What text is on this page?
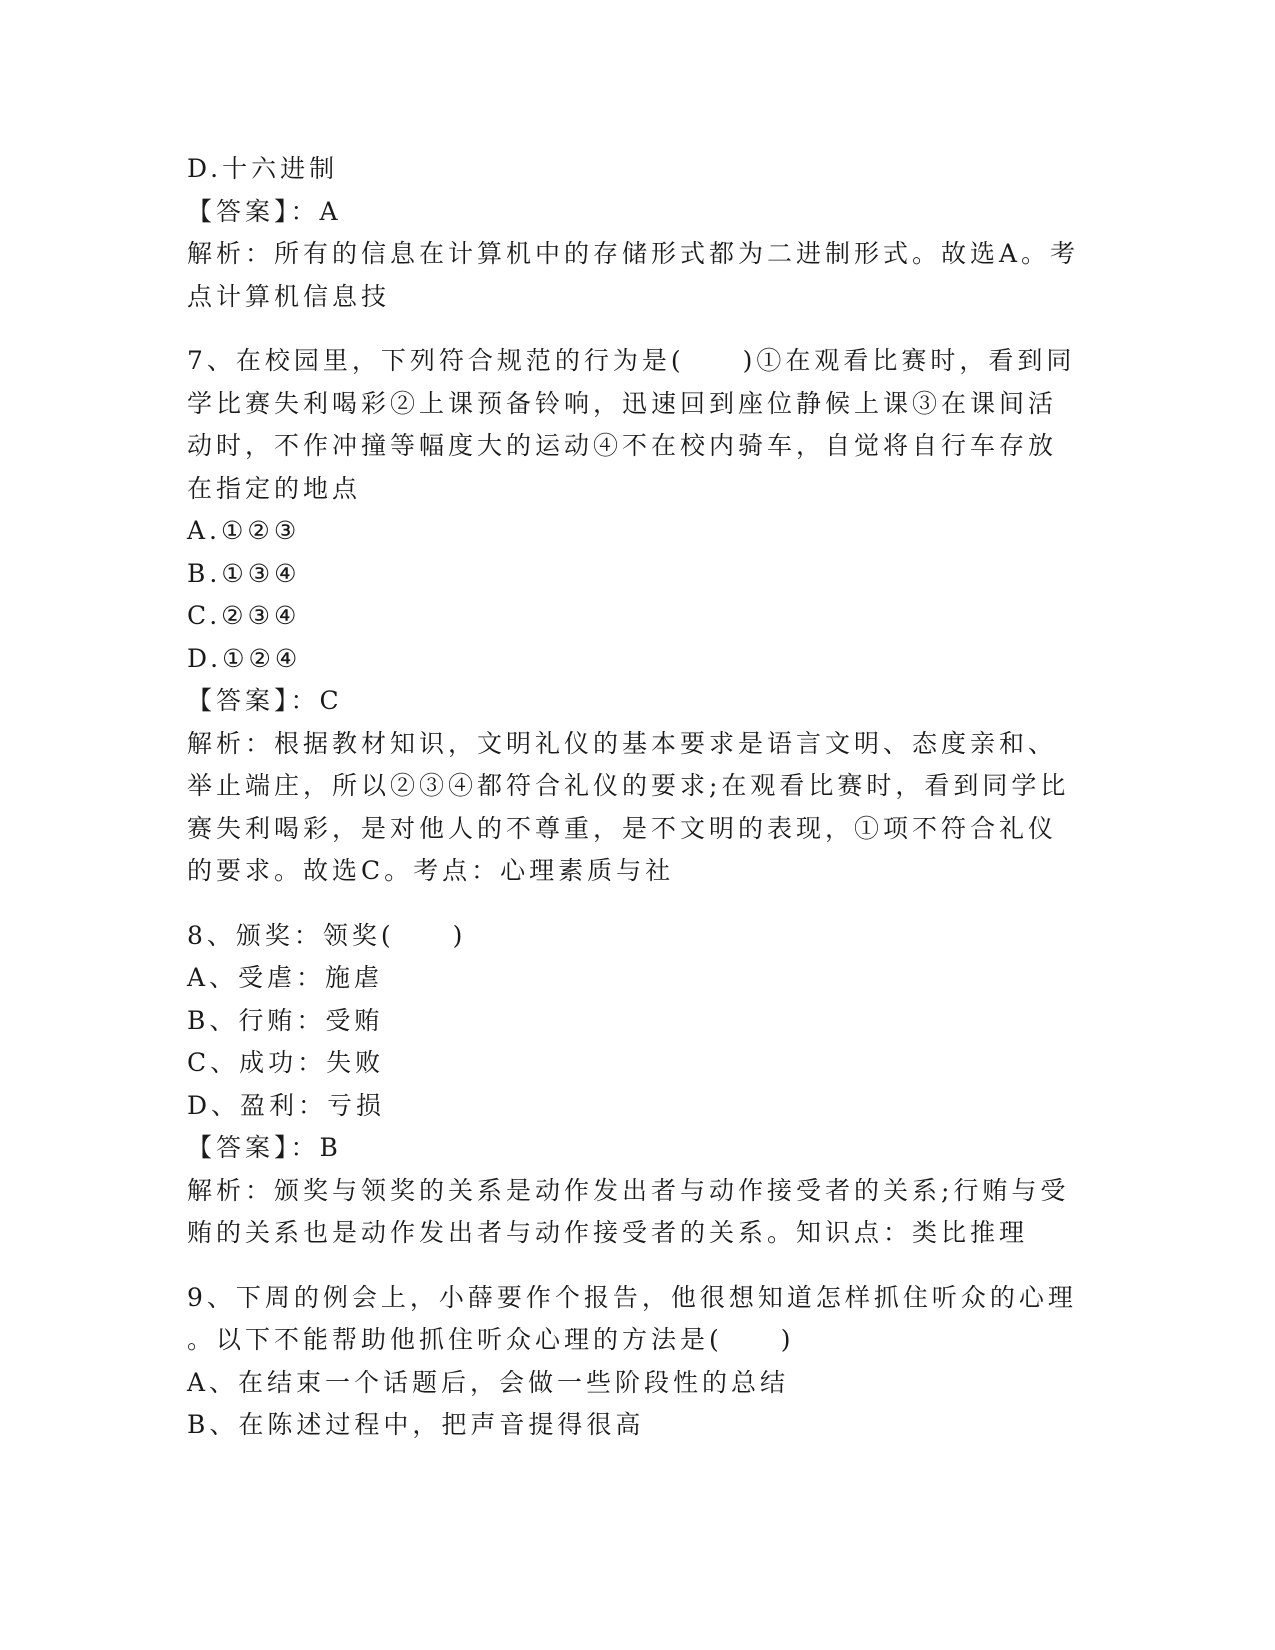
D.十六进制

【答案】：A

解析：所有的信息在计算机中的存储形式都为二进制形式。故选A。考

点计算机信息技

7、在校园里，下列符合规范的行为是(　　)①在观看比赛时，看到同

学比赛失利喝彩②上课预备铃响，迅速回到座位静候上课③在课间活

动时，不作冲撞等幅度大的运动④不在校内骑车，自觉将自行车存放

在指定的地点

A.①②③

B.①③④

C.②③④

D.①②④

【答案】：C

解析：根据教材知识，文明礼仪的基本要求是语言文明、态度亲和、

举止端庄，所以②③④都符合礼仪的要求;在观看比赛时，看到同学比

赛失利喝彩，是对他人的不尊重，是不文明的表现，①项不符合礼仪

的要求。故选C。考点：心理素质与社

8、颁奖：领奖(　　)

A、受虐：施虐

B、行贿：受贿

C、成功：失败

D、盈利：亏损

【答案】：B

解析：颁奖与领奖的关系是动作发出者与动作接受者的关系;行贿与受

贿的关系也是动作发出者与动作接受者的关系。知识点：类比推理

9、下周的例会上，小薛要作个报告，他很想知道怎样抓住听众的心理

。以下不能帮助他抓住听众心理的方法是(　　)

A、在结束一个话题后，会做一些阶段性的总结

B、在陈述过程中，把声音提得很高
